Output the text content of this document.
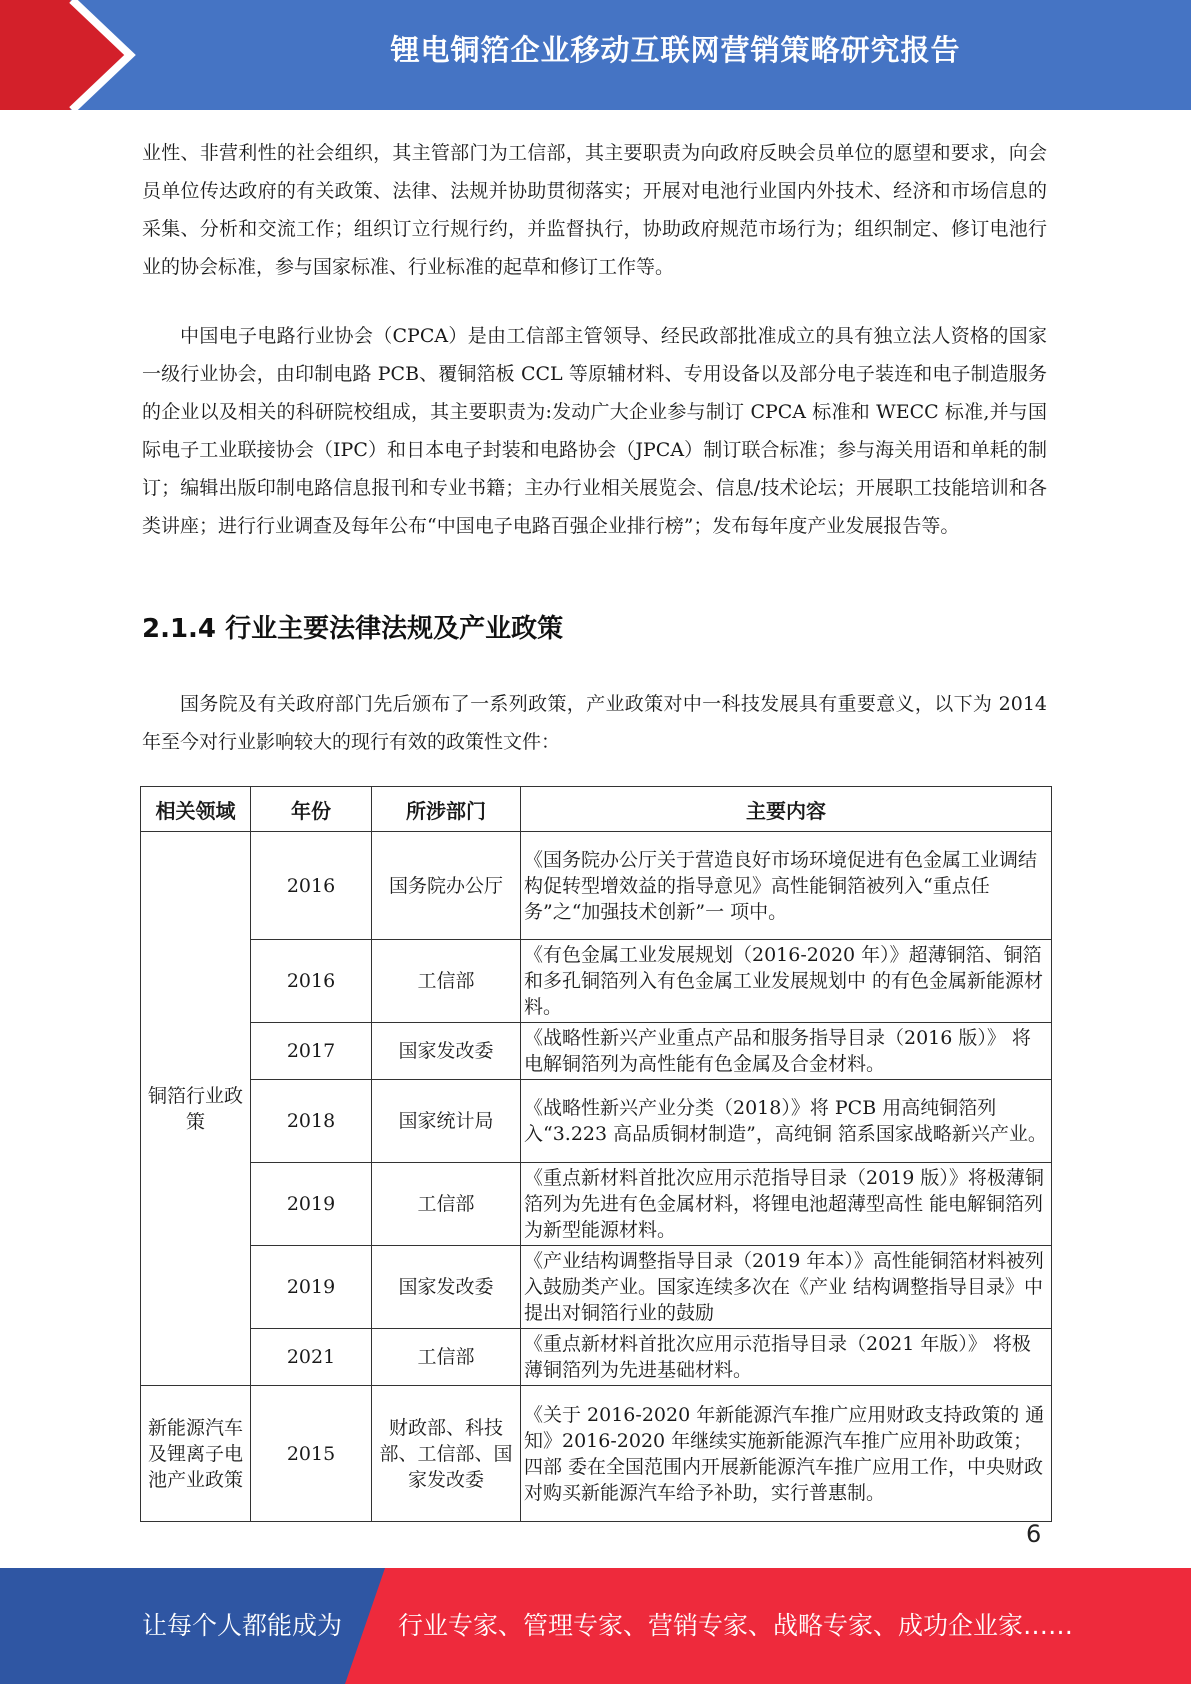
锂电铜箔企业移动互联网营销策略研究报告

业性、非营利性的社会组织，其主管部门为工信部，其主要职责为向政府反映会员单位的愿望和要求，向会员单位传达政府的有关政策、法律、法规并协助贯彻落实；开展对电池行业国内外技术、经济和市场信息的采集、分析和交流工作；组织订立行规行约，并监督执行，协助政府规范市场行为；组织制定、修订电池行业的协会标准，参与国家标准、行业标准的起草和修订工作等。

中国电子电路行业协会（CPCA）是由工信部主管领导、经民政部批准成立的具有独立法人资格的国家一级行业协会，由印制电路 PCB、覆铜箔板 CCL 等原辅材料、专用设备以及部分电子装连和电子制造服务的企业以及相关的科研院校组成，其主要职责为:发动广大企业参与制订 CPCA 标准和 WECC 标准,并与国际电子工业联接协会（IPC）和日本电子封装和电路协会（JPCA）制订联合标准；参与海关用语和单耗的制订；编辑出版印制电路信息报刊和专业书籍；主办行业相关展览会、信息/技术论坛；开展职工技能培训和各类讲座；进行行业调查及每年公布“中国电子电路百强企业排行榜”；发布每年度产业发展报告等。

2.1.4 行业主要法律法规及产业政策

国务院及有关政府部门先后颁布了一系列政策，产业政策对中一科技发展具有重要意义，以下为 2014 年至今对行业影响较大的现行有效的政策性文件：

相关领域	年份	所涉部门	主要内容
铜箔行业政策	2016	国务院办公厅	《国务院办公厅关于营造良好市场环境促进有色金属工业调结构促转型增效益的指导意见》高性能铜箔被列入“重点任务”之“加强技术创新”一 项中。
	2016	工信部	《有色金属工业发展规划（2016-2020 年）》超薄铜箔、铜箔和多孔铜箔列入有色金属工业发展规划中 的有色金属新能源材料。
	2017	国家发改委	《战略性新兴产业重点产品和服务指导目录（2016 版）》 将电解铜箔列为高性能有色金属及合金材料。
	2018	国家统计局	《战略性新兴产业分类（2018）》将 PCB 用高纯铜箔列入“3.223 高品质铜材制造”，高纯铜 箔系国家战略新兴产业。
	2019	工信部	《重点新材料首批次应用示范指导目录（2019 版）》将极薄铜箔列为先进有色金属材料，将锂电池超薄型高性 能电解铜箔列为新型能源材料。
	2019	国家发改委	《产业结构调整指导目录（2019 年本）》高性能铜箔材料被列入鼓励类产业。国家连续多次在《产业 结构调整指导目录》中提出对铜箔行业的鼓励
	2021	工信部	《重点新材料首批次应用示范指导目录（2021 年版）》 将极薄铜箔列为先进基础材料。
新能源汽车及锂离子电池产业政策	2015	财政部、科技部、工信部、国 家发改委	《关于 2016-2020 年新能源汽车推广应用财政支持政策的 通知》2016-2020 年继续实施新能源汽车推广应用补助政策；四部 委在全国范围内开展新能源汽车推广应用工作，中央财政 对购买新能源汽车给予补助，实行普惠制。
6
让每个人都能成为 行业专家、管理专家、营销专家、战略专家、成功企业家……
